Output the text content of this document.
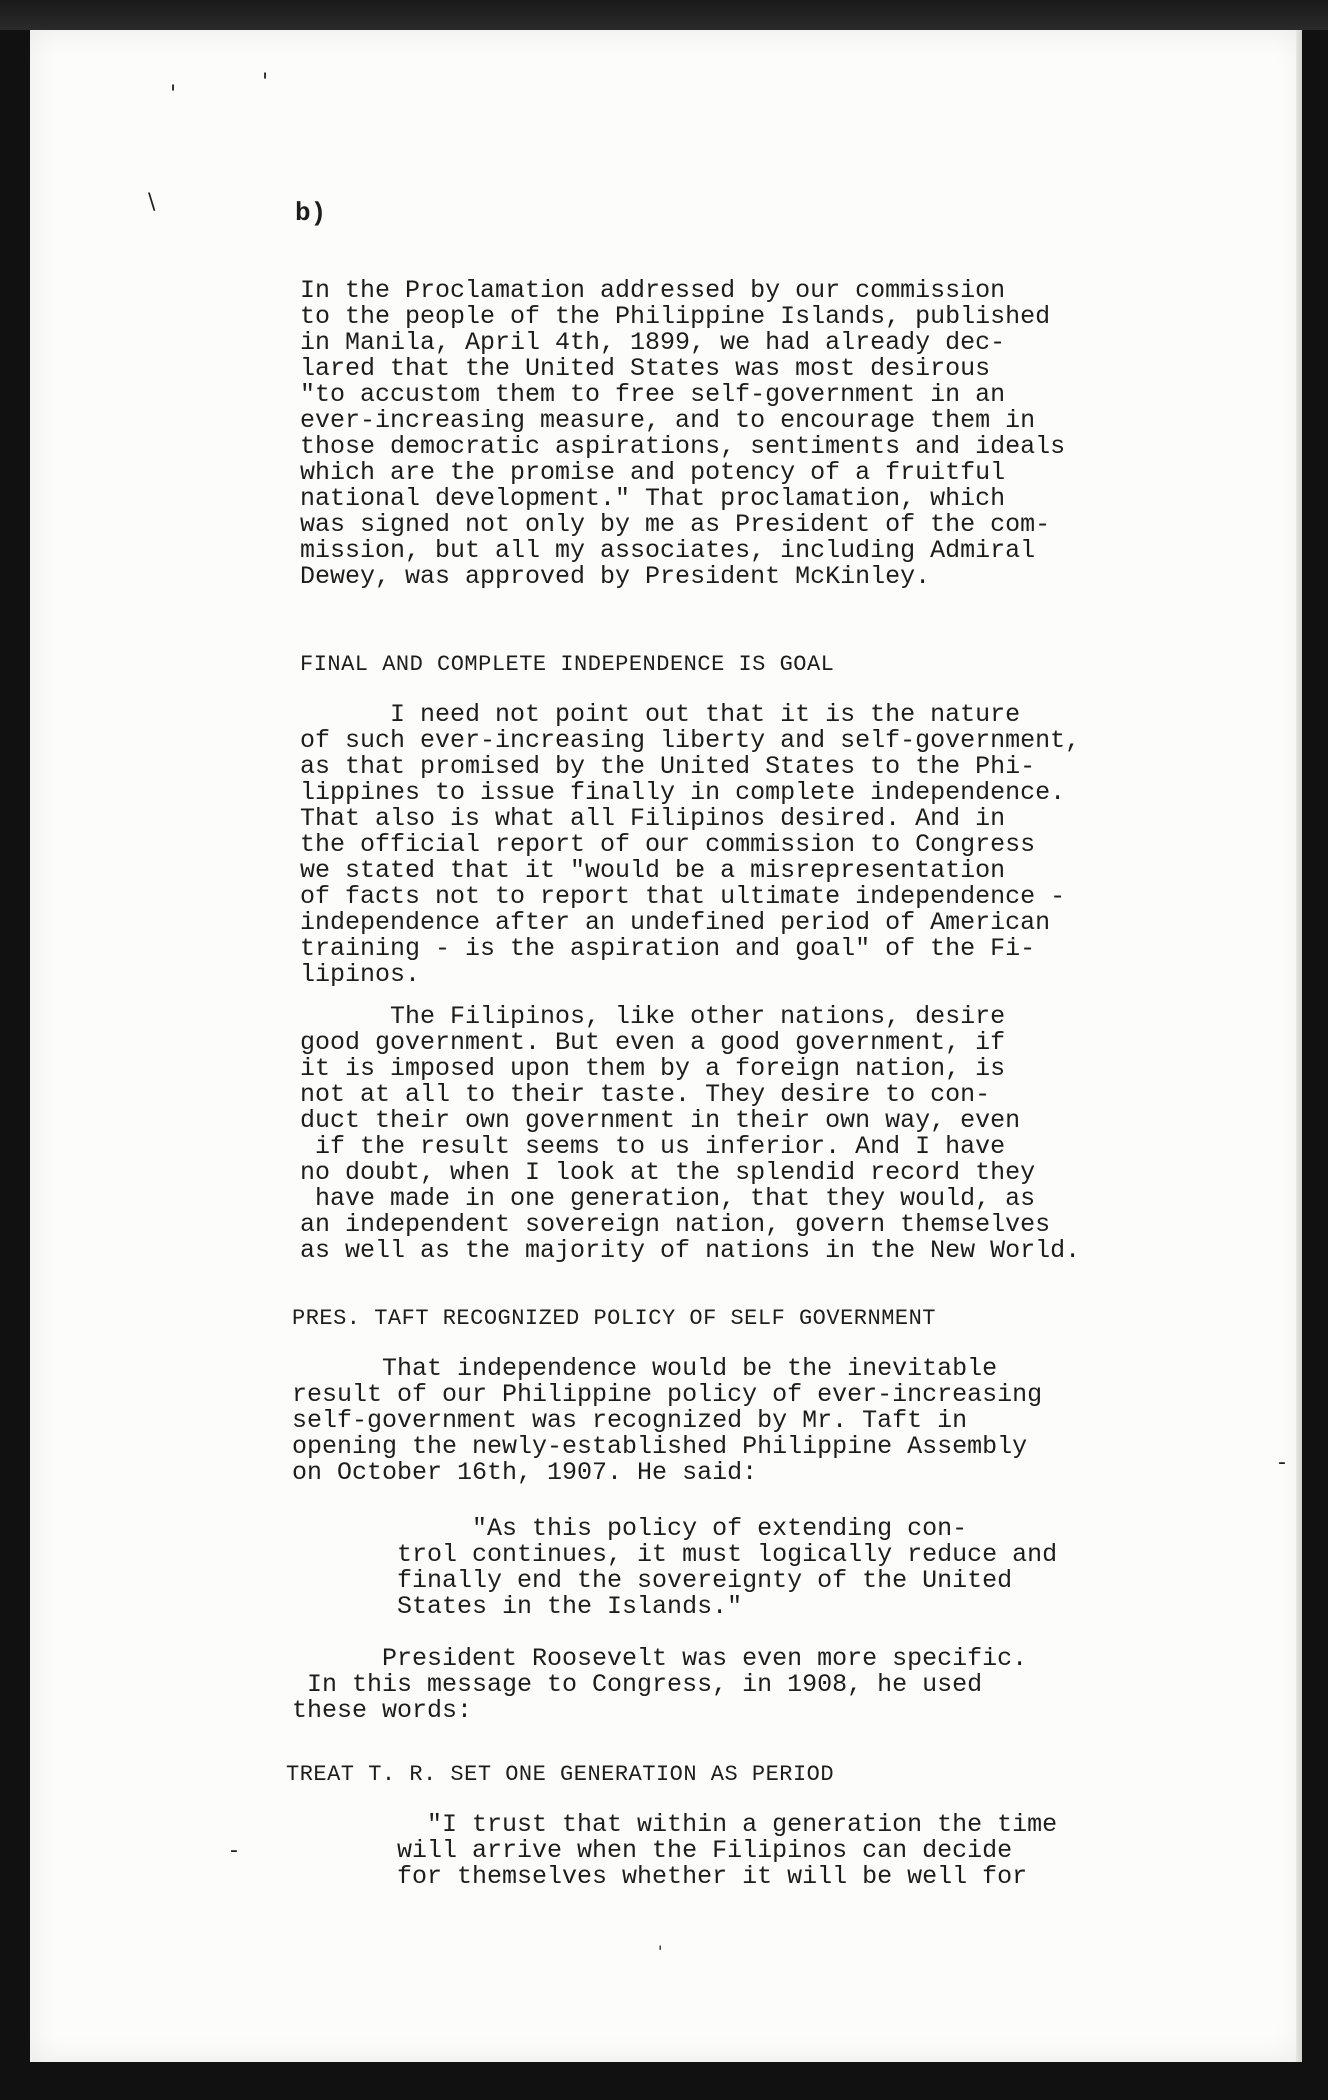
'	'
\
-
-
b)
In the Proclamation addressed by our commission
to the people of the Philippine Islands, published
in Manila, April 4th, 1899, we had already dec-
lared that the United States was most desirous
"to accustom them to free self-government in an
ever-increasing measure, and to encourage them in
those democratic aspirations, sentiments and ideals
which are the promise and potency of a fruitful
national development." That proclamation, which
was signed not only by me as President of the com-
mission, but all my associates, including Admiral
Dewey, was approved by President McKinley.
FINAL AND COMPLETE INDEPENDENCE IS GOAL
I need not point out that it is the nature
of such ever-increasing liberty and self-government,
as that promised by the United States to the Phi-
lippines to issue finally in complete independence.
That also is what all Filipinos desired. And in
the official report of our commission to Congress
we stated that it "would be a misrepresentation
of facts not to report that ultimate independence -
independence after an undefined period of American
training - is the aspiration and goal" of the Fi-
lipinos.
The Filipinos, like other nations, desire
good government. But even a good government, if
it is imposed upon them by a foreign nation, is
not at all to their taste. They desire to con-
duct their own government in their own way, even
if the result seems to us inferior. And I have
no doubt, when I look at the splendid record they
have made in one generation, that they would, as
an independent sovereign nation, govern themselves
as well as the majority of nations in the New World.
PRES. TAFT RECOGNIZED POLICY OF SELF GOVERNMENT
That independence would be the inevitable
result of our Philippine policy of ever-increasing
self-government was recognized by Mr. Taft in
opening the newly-established Philippine Assembly
on October 16th, 1907. He said:
"As this policy of extending con-
trol continues, it must logically reduce and
finally end the sovereignty of the United
States in the Islands."
President Roosevelt was even more specific.
In this message to Congress, in 1908, he used
these words:
TREAT T. R. SET ONE GENERATION AS PERIOD
"I trust that within a generation the time
will arrive when the Filipinos can decide
for themselves whether it will be well for
'
